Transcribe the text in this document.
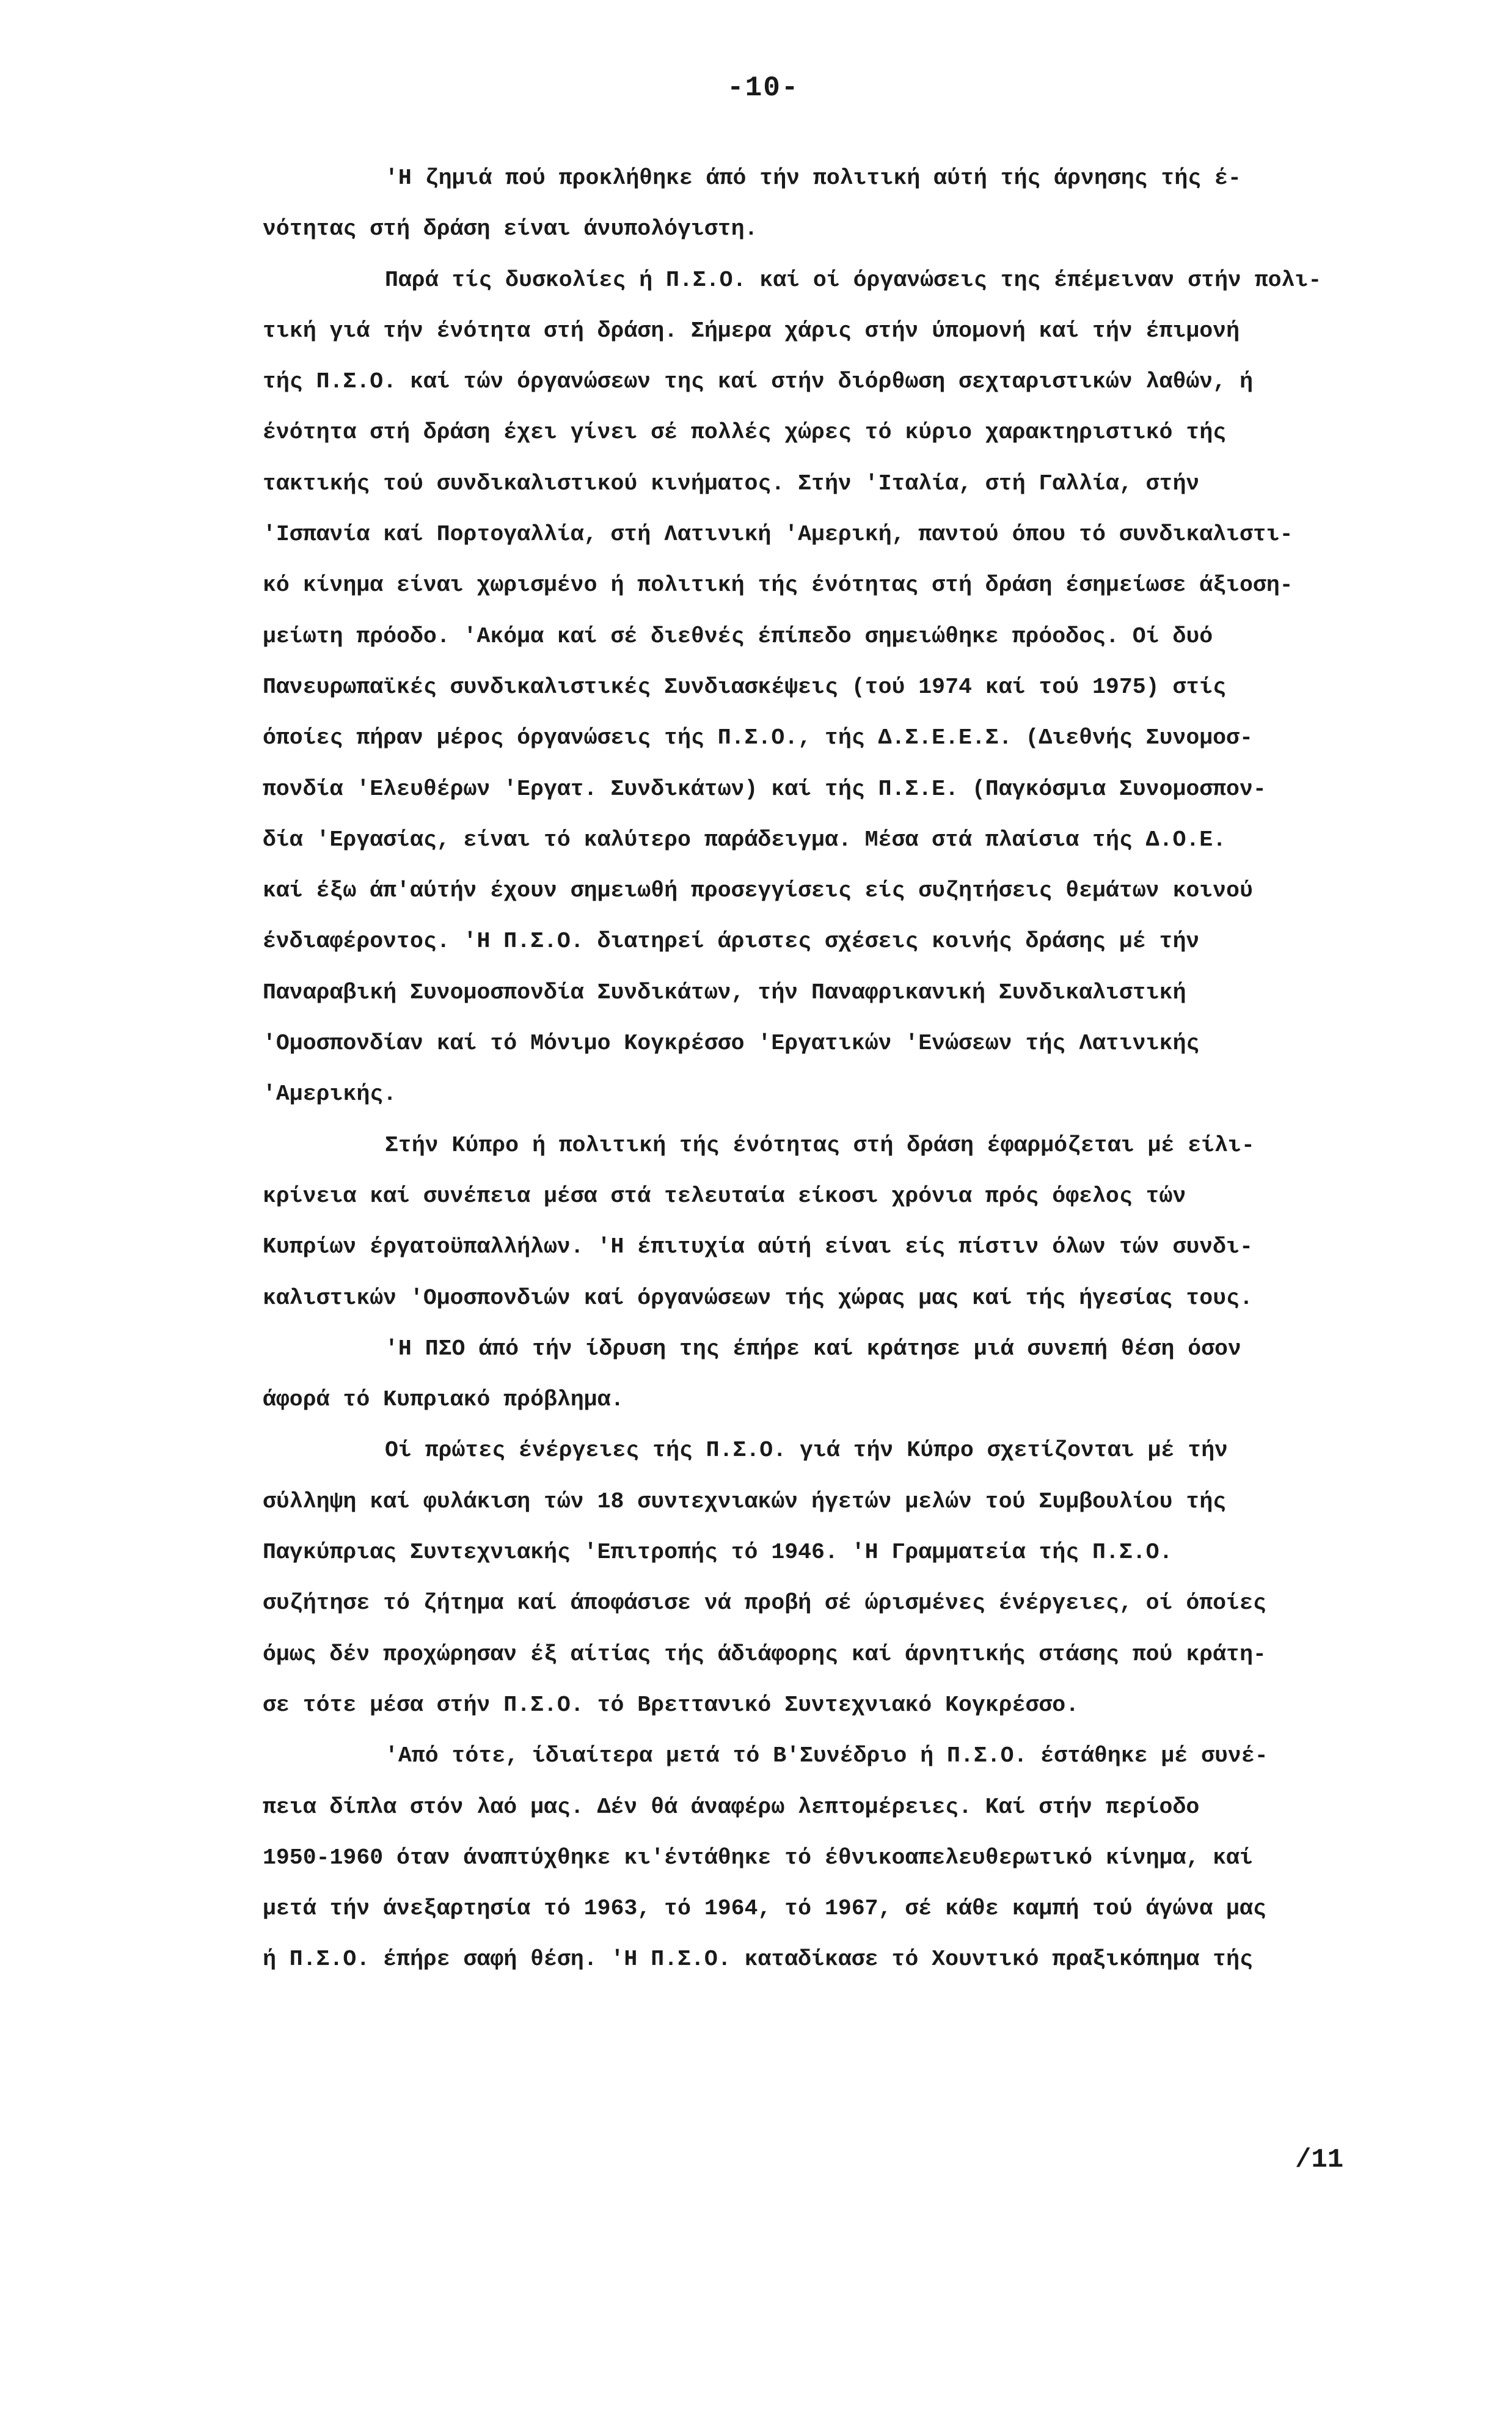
-10-
'Η ζημιά πού προκλήθηκε άπό τήν πολιτική αύτή τής άρνησης τής έ-
νότητας στή δράση είναι άνυπολόγιστη.
Παρά τίς δυσκολίες ή Π.Σ.Ο. καί οί όργανώσεις της έπέμειναν στήν πολι-
τική γιά τήν ένότητα στή δράση. Σήμερα χάρις στήν ύπομονή καί τήν έπιμονή
τής Π.Σ.Ο. καί τών όργανώσεων της καί στήν διόρθωση σεχταριστικών λαθών, ή
ένότητα στή δράση έχει γίνει σέ πολλές χώρες τό κύριο χαρακτηριστικό τής
τακτικής τού συνδικαλιστικού κινήματος. Στήν 'Ιταλία, στή Γαλλία, στήν
'Ισπανία καί Πορτογαλλία, στή Λατινική 'Αμερική, παντού όπου τό συνδικαλιστι-
κό κίνημα είναι χωρισμένο ή πολιτική τής ένότητας στή δράση έσημείωσε άξιοση-
μείωτη πρόοδο. 'Ακόμα καί σέ διεθνές έπίπεδο σημειώθηκε πρόοδος. Οί δυό
Πανευρωπαϊκές συνδικαλιστικές Συνδιασκέψεις (τού 1974 καί τού 1975) στίς
όποίες πήραν μέρος όργανώσεις τής Π.Σ.Ο., τής Δ.Σ.Ε.Ε.Σ. (Διεθνής Συνομοσ-
πονδία 'Ελευθέρων 'Εργατ. Συνδικάτων) καί τής Π.Σ.Ε. (Παγκόσμια Συνομοσπον-
δία 'Εργασίας, είναι τό καλύτερο παράδειγμα. Μέσα στά πλαίσια τής Δ.Ο.Ε.
καί έξω άπ'αύτήν έχουν σημειωθή προσεγγίσεις είς συζητήσεις θεμάτων κοινού
ένδιαφέροντος. 'Η Π.Σ.Ο. διατηρεί άριστες σχέσεις κοινής δράσης μέ τήν
Παναραβική Συνομοσπονδία Συνδικάτων, τήν Παναφρικανική Συνδικαλιστική
'Ομοσπονδίαν καί τό Μόνιμο Κογκρέσσο 'Εργατικών 'Ενώσεων τής Λατινικής
'Αμερικής.
Στήν Κύπρο ή πολιτική τής ένότητας στή δράση έφαρμόζεται μέ είλι-
κρίνεια καί συνέπεια μέσα στά τελευταία είκοσι χρόνια πρός όφελος τών
Κυπρίων έργατοϋπαλλήλων. 'Η έπιτυχία αύτή είναι είς πίστιν όλων τών συνδι-
καλιστικών 'Ομοσπονδιών καί όργανώσεων τής χώρας μας καί τής ήγεσίας τους.
'Η ΠΣΟ άπό τήν ίδρυση της έπήρε καί κράτησε μιά συνεπή θέση όσον
άφορά τό Κυπριακό πρόβλημα.
Οί πρώτες ένέργειες τής Π.Σ.Ο. γιά τήν Κύπρο σχετίζονται μέ τήν
σύλληψη καί φυλάκιση τών 18 συντεχνιακών ήγετών μελών τού Συμβουλίου τής
Παγκύπριας Συντεχνιακής 'Επιτροπής τό 1946. 'Η Γραμματεία τής Π.Σ.Ο.
συζήτησε τό ζήτημα καί άποφάσισε νά προβή σέ ώρισμένες ένέργειες, οί όποίες
όμως δέν προχώρησαν έξ αίτίας τής άδιάφορης καί άρνητικής στάσης πού κράτη-
σε τότε μέσα στήν Π.Σ.Ο. τό Βρεττανικό Συντεχνιακό Κογκρέσσο.
'Από τότε, ίδιαίτερα μετά τό Β'Συνέδριο ή Π.Σ.Ο. έστάθηκε μέ συνέ-
πεια δίπλα στόν λαό μας. Δέν θά άναφέρω λεπτομέρειες. Καί στήν περίοδο
1950-1960 όταν άναπτύχθηκε κι'έντάθηκε τό έθνικοαπελευθερωτικό κίνημα, καί
μετά τήν άνεξαρτησία τό 1963, τό 1964, τό 1967, σέ κάθε καμπή τού άγώνα μας
ή Π.Σ.Ο. έπήρε σαφή θέση. 'Η Π.Σ.Ο. καταδίκασε τό Χουντικό πραξικόπημα τής
/11
